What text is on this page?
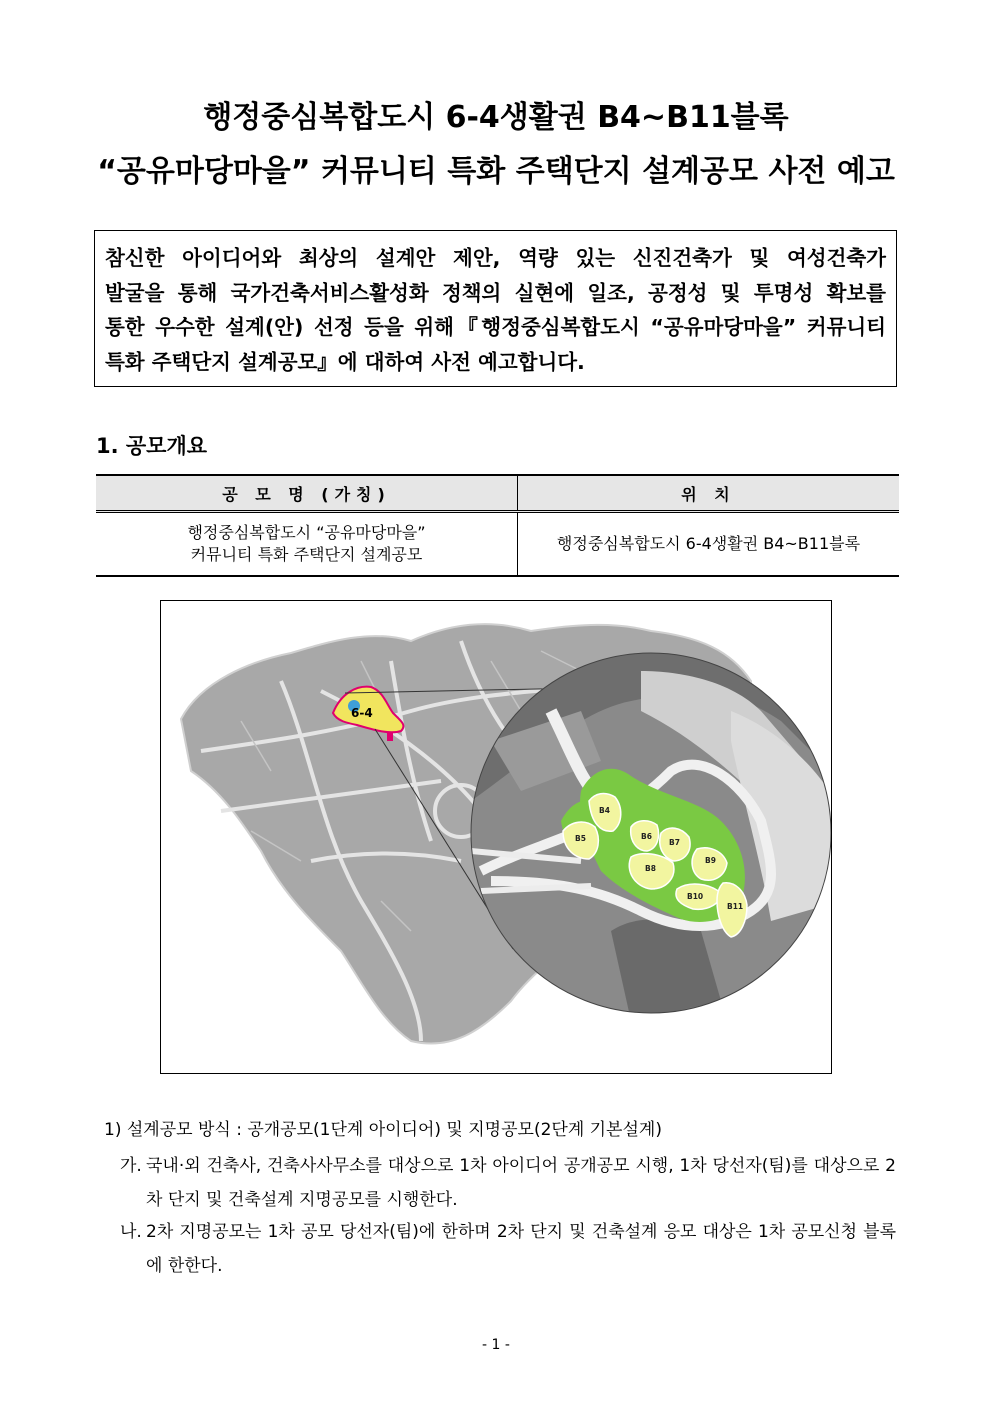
행정중심복합도시 6-4생활권 B4~B11블록
“공유마당마을” 커뮤니티 특화 주택단지 설계공모 사전 예고

참신한 아이디어와 최상의 설계안 제안, 역량 있는 신진건축가 및 여성건축가

발굴을 통해 국가건축서비스활성화 정책의 실현에 일조, 공정성 및 투명성 확보를

통한 우수한 설계(안) 선정 등을 위해『행정중심복합도시 “공유마당마을” 커뮤니티

특화 주택단지 설계공모』에 대하여 사전 예고합니다.

1. 공모개요
공 모 명 (가칭)	위 치
행정중심복합도시 “공유마당마을”
커뮤니티 특화 주택단지 설계공모	행정중심복합도시 6-4생활권 B4~B11블록
6-4
B4
B5	B6
B7
B8
B9
B10
B11
1) 설계공모 방식 : 공개공모(1단계 아이디어) 및 지명공모(2단계 기본설계)
가. 국내·외 건축사, 건축사사무소를 대상으로 1차 아이디어 공개공모 시행, 1차 당선자(팀)를 대상으로 2차 단지 및 건축설계 지명공모를 시행한다.
나. 2차 지명공모는 1차 공모 당선자(팀)에 한하며 2차 단지 및 건축설계 응모 대상은 1차 공모신청 블록에 한한다.
- 1 -
